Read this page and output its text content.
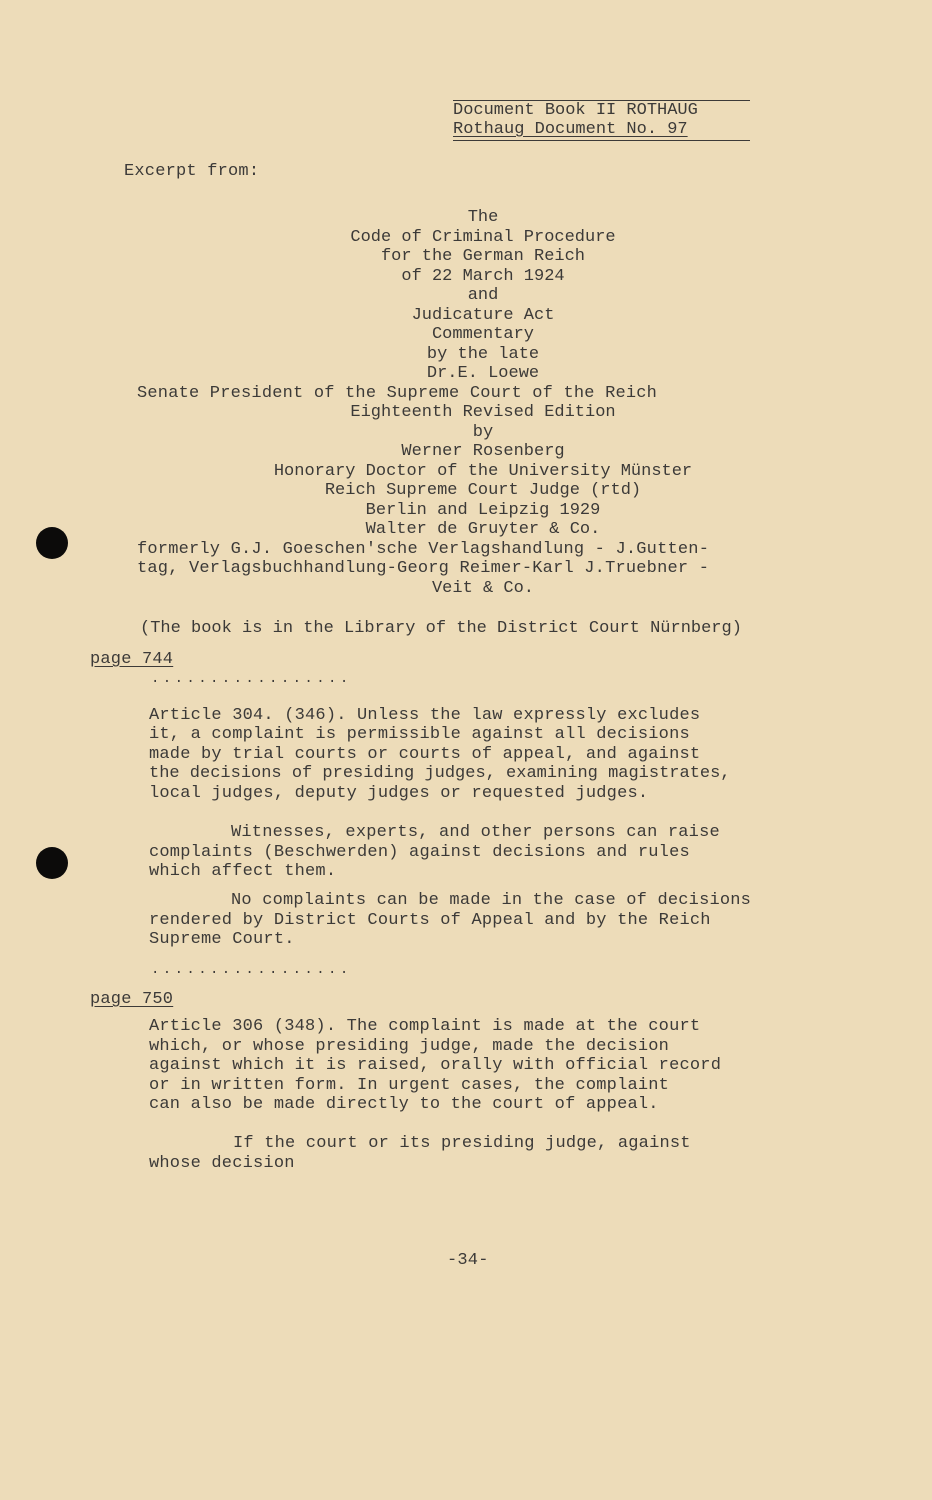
Document Book II ROTHAUG
Rothaug Document No. 97
Excerpt from:
The
Code of Criminal Procedure
for the German Reich
of 22 March 1924
and
Judicature Act
Commentary
by the late
Dr.E. Loewe
Senate President of the Supreme Court of the Reich
Eighteenth Revised Edition
by
Werner Rosenberg
Honorary Doctor of the University Münster
Reich Supreme Court Judge (rtd)
Berlin and Leipzig 1929
Walter de Gruyter & Co.
formerly G.J. Goeschen'sche Verlagshandlung - J.Gutten-
tag, Verlagsbuchhandlung-Georg Reimer-Karl J.Truebner -
Veit & Co.
(The book is in the Library of the District Court Nürnberg)
page 744
.................
Article 304. (346). Unless the law expressly excludes
it, a complaint is permissible against all decisions
made by trial courts or courts of appeal, and against
the decisions of presiding judges, examining magistrates,
local judges, deputy judges or requested judges.
Witnesses, experts, and other persons can raise
complaints (Beschwerden) against decisions and rules
which affect them.
No complaints can be made in the case of decisions
rendered by District Courts of Appeal and by the Reich
Supreme Court.
.................
page 750
Article 306 (348). The complaint is made at the court
which, or whose presiding judge, made the decision
against which it is raised, orally with official record
or in written form. In urgent cases, the complaint
can also be made directly to the court of appeal.
If the court or its presiding judge, against
whose decision
-34-
